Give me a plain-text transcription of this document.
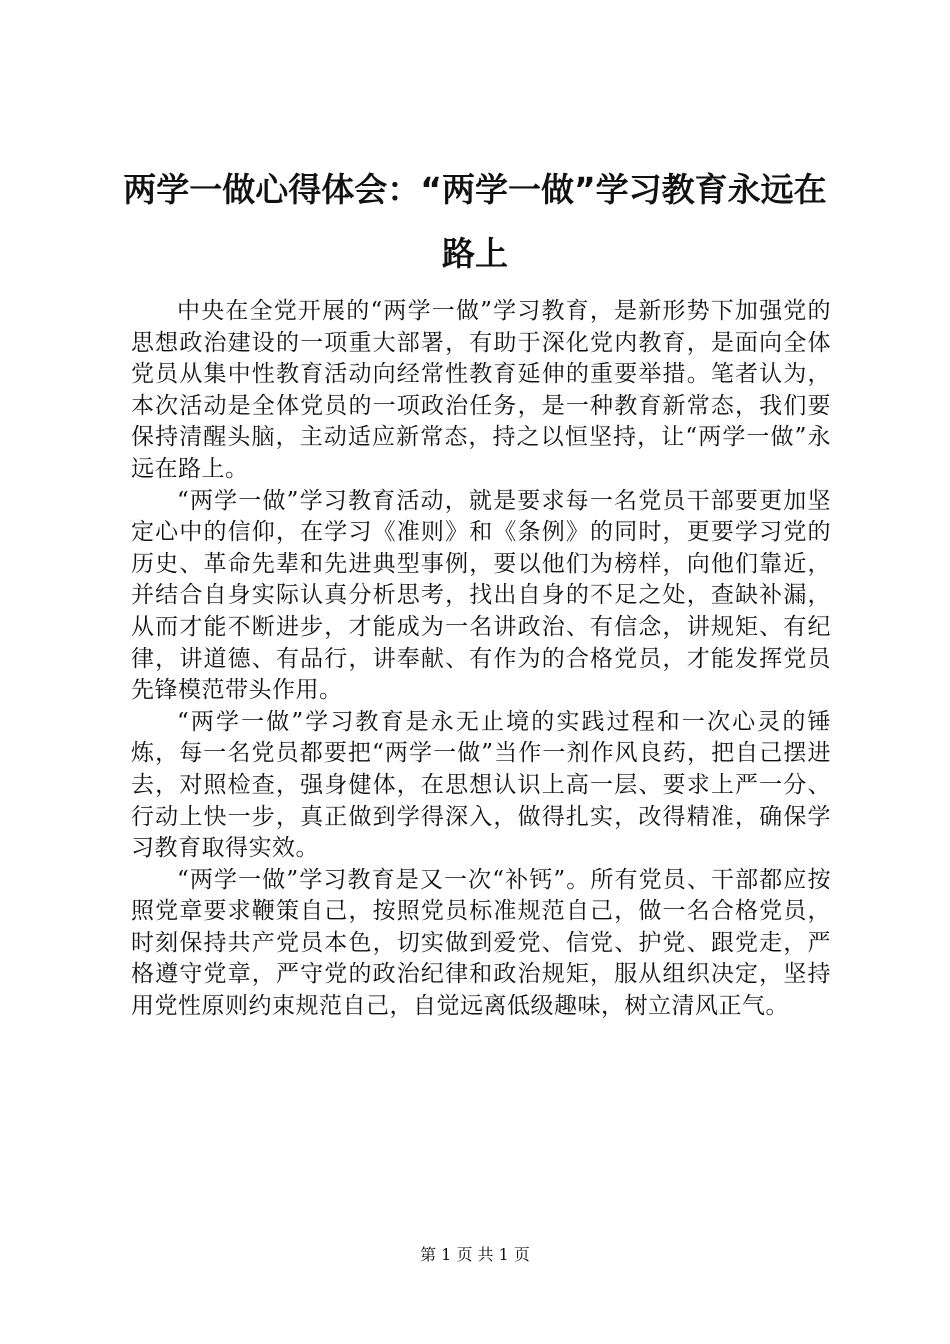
两学一做心得体会：“两学一做”学习教育永远在路上

中央在全党开展的“两学一做”学习教育，是新形势下加强党的思想政治建设的一项重大部署，有助于深化党内教育，是面向全体党员从集中性教育活动向经常性教育延伸的重要举措。笔者认为，本次活动是全体党员的一项政治任务，是一种教育新常态，我们要保持清醒头脑，主动适应新常态，持之以恒坚持，让“两学一做”永远在路上。

“两学一做”学习教育活动，就是要求每一名党员干部要更加坚定心中的信仰，在学习《准则》和《条例》的同时，更要学习党的历史、革命先辈和先进典型事例，要以他们为榜样，向他们靠近，并结合自身实际认真分析思考，找出自身的不足之处，查缺补漏，从而才能不断进步，才能成为一名讲政治、有信念，讲规矩、有纪律，讲道德、有品行，讲奉献、有作为的合格党员，才能发挥党员先锋模范带头作用。

“两学一做”学习教育是永无止境的实践过程和一次心灵的锤炼，每一名党员都要把“两学一做”当作一剂作风良药，把自己摆进去，对照检查，强身健体，在思想认识上高一层、要求上严一分、行动上快一步，真正做到学得深入，做得扎实，改得精准，确保学习教育取得实效。

“两学一做”学习教育是又一次“补钙”。所有党员、干部都应按照党章要求鞭策自己，按照党员标准规范自己，做一名合格党员，时刻保持共产党员本色，切实做到爱党、信党、护党、跟党走，严格遵守党章，严守党的政治纪律和政治规矩，服从组织决定，坚持用党性原则约束规范自己，自觉远离低级趣味，树立清风正气。

第 1 页 共 1 页
